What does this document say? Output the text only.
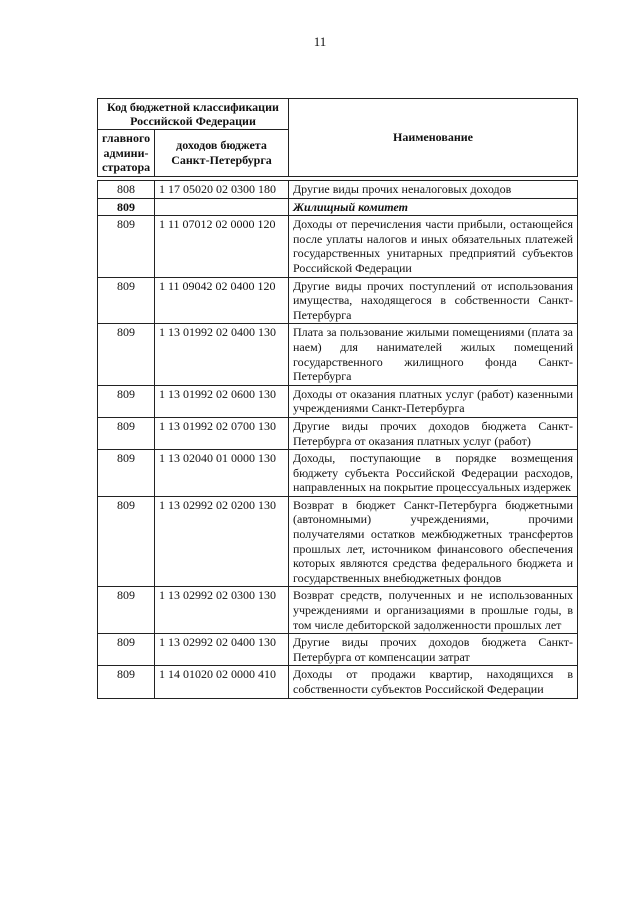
11
Код бюджетной классификации Российской Федерации		Наименование
главного админи-стратора	доходов бюджета Санкт-Петербурга	
808	1 17 05020 02 0300 180	Другие виды прочих неналоговых доходов
809		Жилищный комитет
809	1 11 07012 02 0000 120	Доходы от перечисления части прибыли, остающейся после уплаты налогов и иных обязательных платежей государственных унитарных предприятий субъектов Российской Федерации
809	1 11 09042 02 0400 120	Другие виды прочих поступлений от использования имущества, находящегося в собственности Санкт-Петербурга
809	1 13 01992 02 0400 130	Плата за пользование жилыми помещениями (плата за наем) для нанимателей жилых помещений государственного жилищного фонда Санкт-Петербурга
809	1 13 01992 02 0600 130	Доходы от оказания платных услуг (работ) казенными учреждениями Санкт-Петербурга
809	1 13 01992 02 0700 130	Другие виды прочих доходов бюджета Санкт-Петербурга от оказания платных услуг (работ)
809	1 13 02040 01 0000 130	Доходы, поступающие в порядке возмещения бюджету субъекта Российской Федерации расходов, направленных на покрытие процессуальных издержек
809	1 13 02992 02 0200 130	Возврат в бюджет Санкт-Петербурга бюджетными (автономными) учреждениями, прочими получателями остатков межбюджетных трансфертов прошлых лет, источником финансового обеспечения которых являются средства федерального бюджета и государственных внебюджетных фондов
809	1 13 02992 02 0300 130	Возврат средств, полученных и не использованных учреждениями и организациями в прошлые годы, в том числе дебиторской задолженности прошлых лет
809	1 13 02992 02 0400 130	Другие виды прочих доходов бюджета Санкт-Петербурга от компенсации затрат
809	1 14 01020 02 0000 410	Доходы от продажи квартир, находящихся в собственности субъектов Российской Федерации
